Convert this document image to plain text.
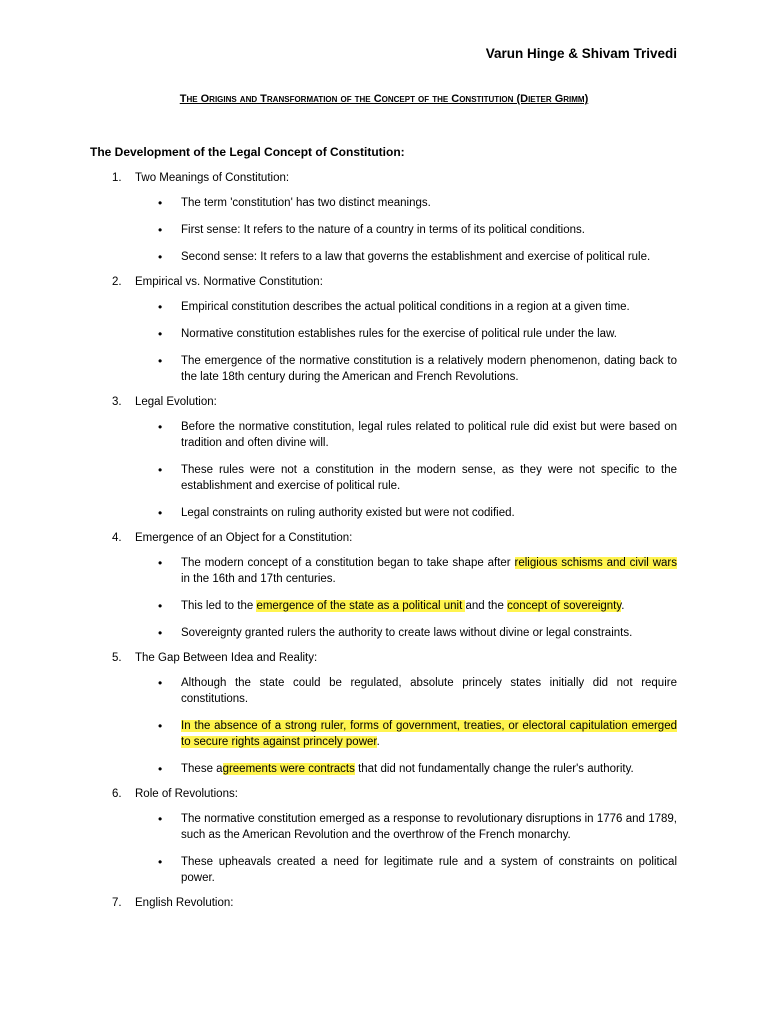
Varun Hinge & Shivam Trivedi

The Origins and Transformation of the Concept of the Constitution (Dieter Grimm)

The Development of the Legal Concept of Constitution:

1. Two Meanings of Constitution:
• The term 'constitution' has two distinct meanings.
• First sense: It refers to the nature of a country in terms of its political conditions.
• Second sense: It refers to a law that governs the establishment and exercise of political rule.
2. Empirical vs. Normative Constitution:
• Empirical constitution describes the actual political conditions in a region at a given time.
• Normative constitution establishes rules for the exercise of political rule under the law.
• The emergence of the normative constitution is a relatively modern phenomenon, dating back to the late 18th century during the American and French Revolutions.
3. Legal Evolution:
• Before the normative constitution, legal rules related to political rule did exist but were based on tradition and often divine will.
• These rules were not a constitution in the modern sense, as they were not specific to the establishment and exercise of political rule.
• Legal constraints on ruling authority existed but were not codified.
4. Emergence of an Object for a Constitution:
• The modern concept of a constitution began to take shape after religious schisms and civil wars in the 16th and 17th centuries.
• This led to the emergence of the state as a political unit and the concept of sovereignty.
• Sovereignty granted rulers the authority to create laws without divine or legal constraints.
5. The Gap Between Idea and Reality:
• Although the state could be regulated, absolute princely states initially did not require constitutions.
• In the absence of a strong ruler, forms of government, treaties, or electoral capitulation emerged to secure rights against princely power.
• These agreements were contracts that did not fundamentally change the ruler's authority.
6. Role of Revolutions:
• The normative constitution emerged as a response to revolutionary disruptions in 1776 and 1789, such as the American Revolution and the overthrow of the French monarchy.
• These upheavals created a need for legitimate rule and a system of constraints on political power.
7. English Revolution:
